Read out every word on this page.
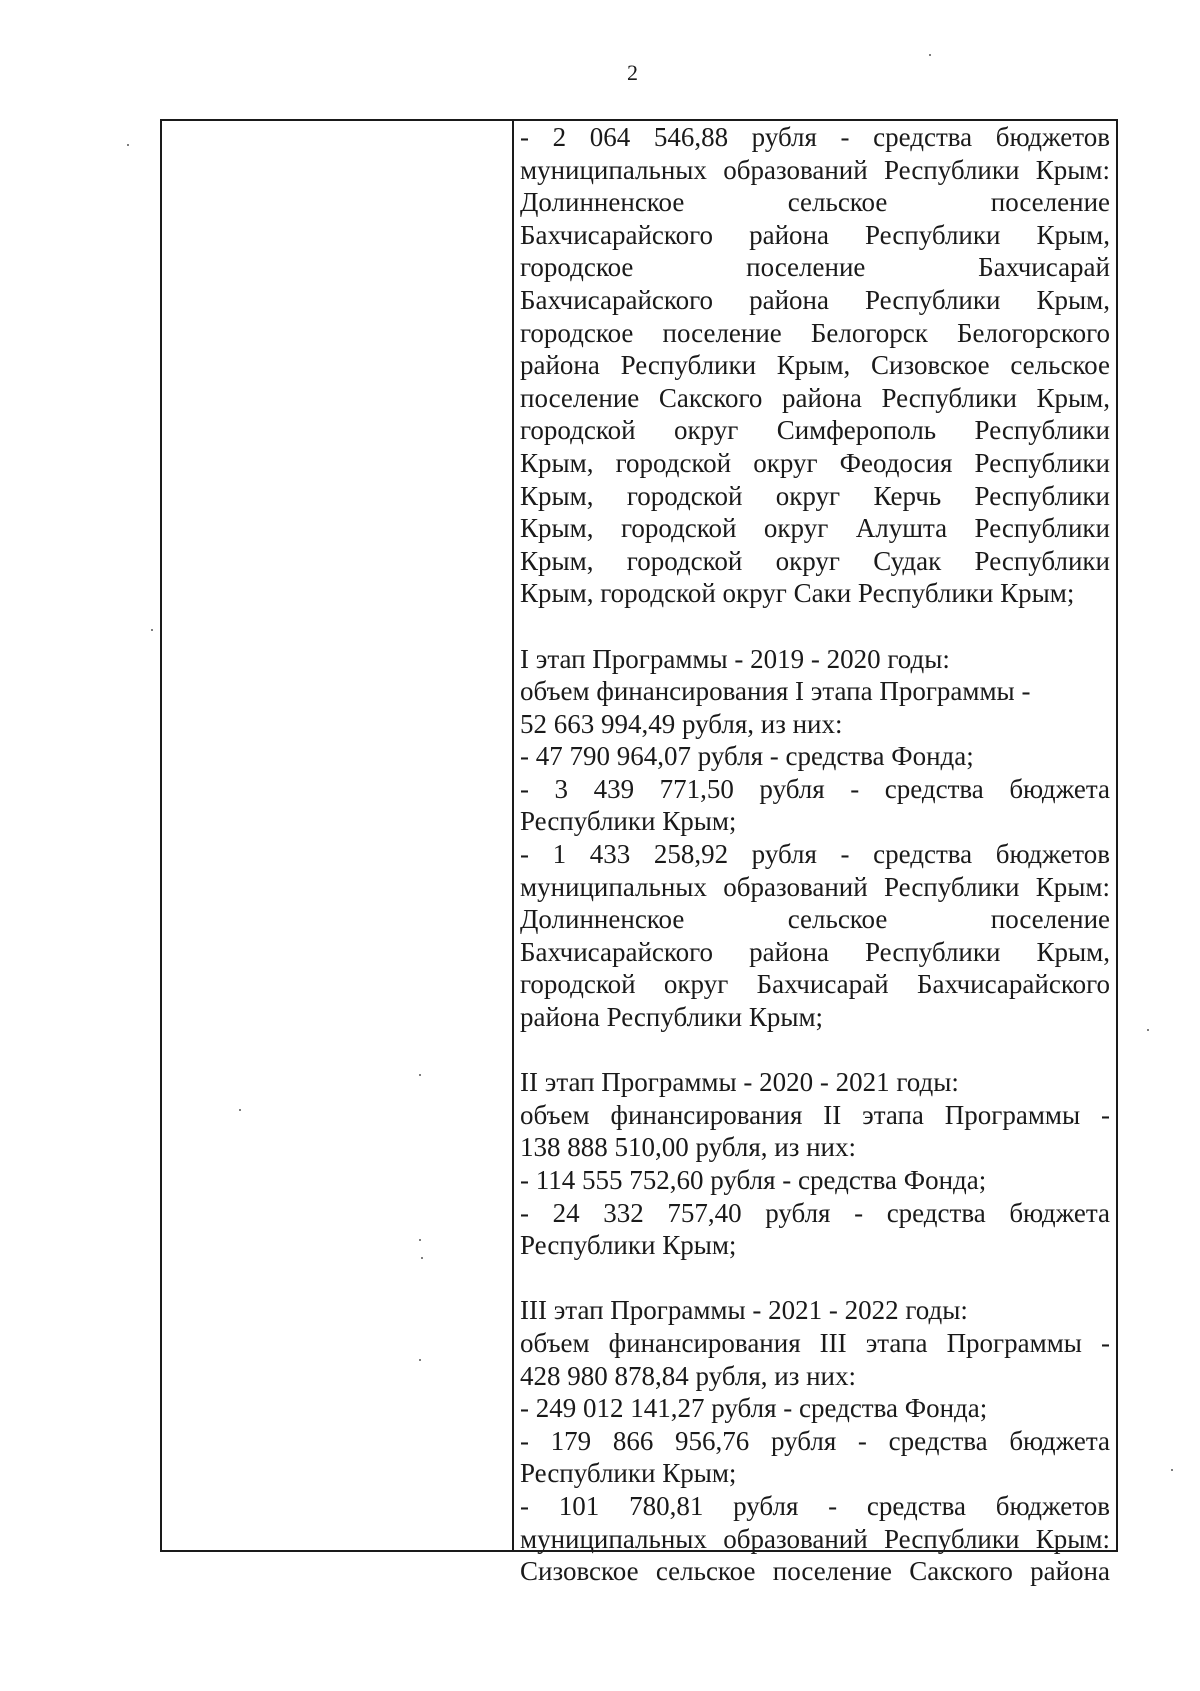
2
- 2 064 546,88 рубля - средства бюджетов
муниципальных образований Республики Крым:
Долинненское сельское поселение
Бахчисарайского района Республики Крым,
городское поселение Бахчисарай
Бахчисарайского района Республики Крым,
городское поселение Белогорск Белогорского
района Республики Крым, Сизовское сельское
поселение Сакского района Республики Крым,
городской округ Симферополь Республики
Крым, городской округ Феодосия Республики
Крым, городской округ Керчь Республики
Крым, городской округ Алушта Республики
Крым, городской округ Судак Республики
Крым, городской округ Саки Республики Крым;
I этап Программы - 2019 - 2020 годы:
объем финансирования I этапа Программы -
52 663 994,49 рубля, из них:
- 47 790 964,07 рубля - средства Фонда;
- 3 439 771,50 рубля - средства бюджета
Республики Крым;
- 1 433 258,92 рубля - средства бюджетов
муниципальных образований Республики Крым:
Долинненское сельское поселение
Бахчисарайского района Республики Крым,
городской округ Бахчисарай Бахчисарайского
района Республики Крым;
II этап Программы - 2020 - 2021 годы:
объем финансирования II этапа Программы -
138 888 510,00 рубля, из них:
- 114 555 752,60 рубля - средства Фонда;
- 24 332 757,40 рубля - средства бюджета
Республики Крым;
III этап Программы - 2021 - 2022 годы:
объем финансирования III этапа Программы -
428 980 878,84 рубля, из них:
- 249 012 141,27 рубля - средства Фонда;
- 179 866 956,76 рубля - средства бюджета
Республики Крым;
- 101 780,81 рубля - средства бюджетов
муниципальных образований Республики Крым:
Сизовское сельское поселение Сакского района
